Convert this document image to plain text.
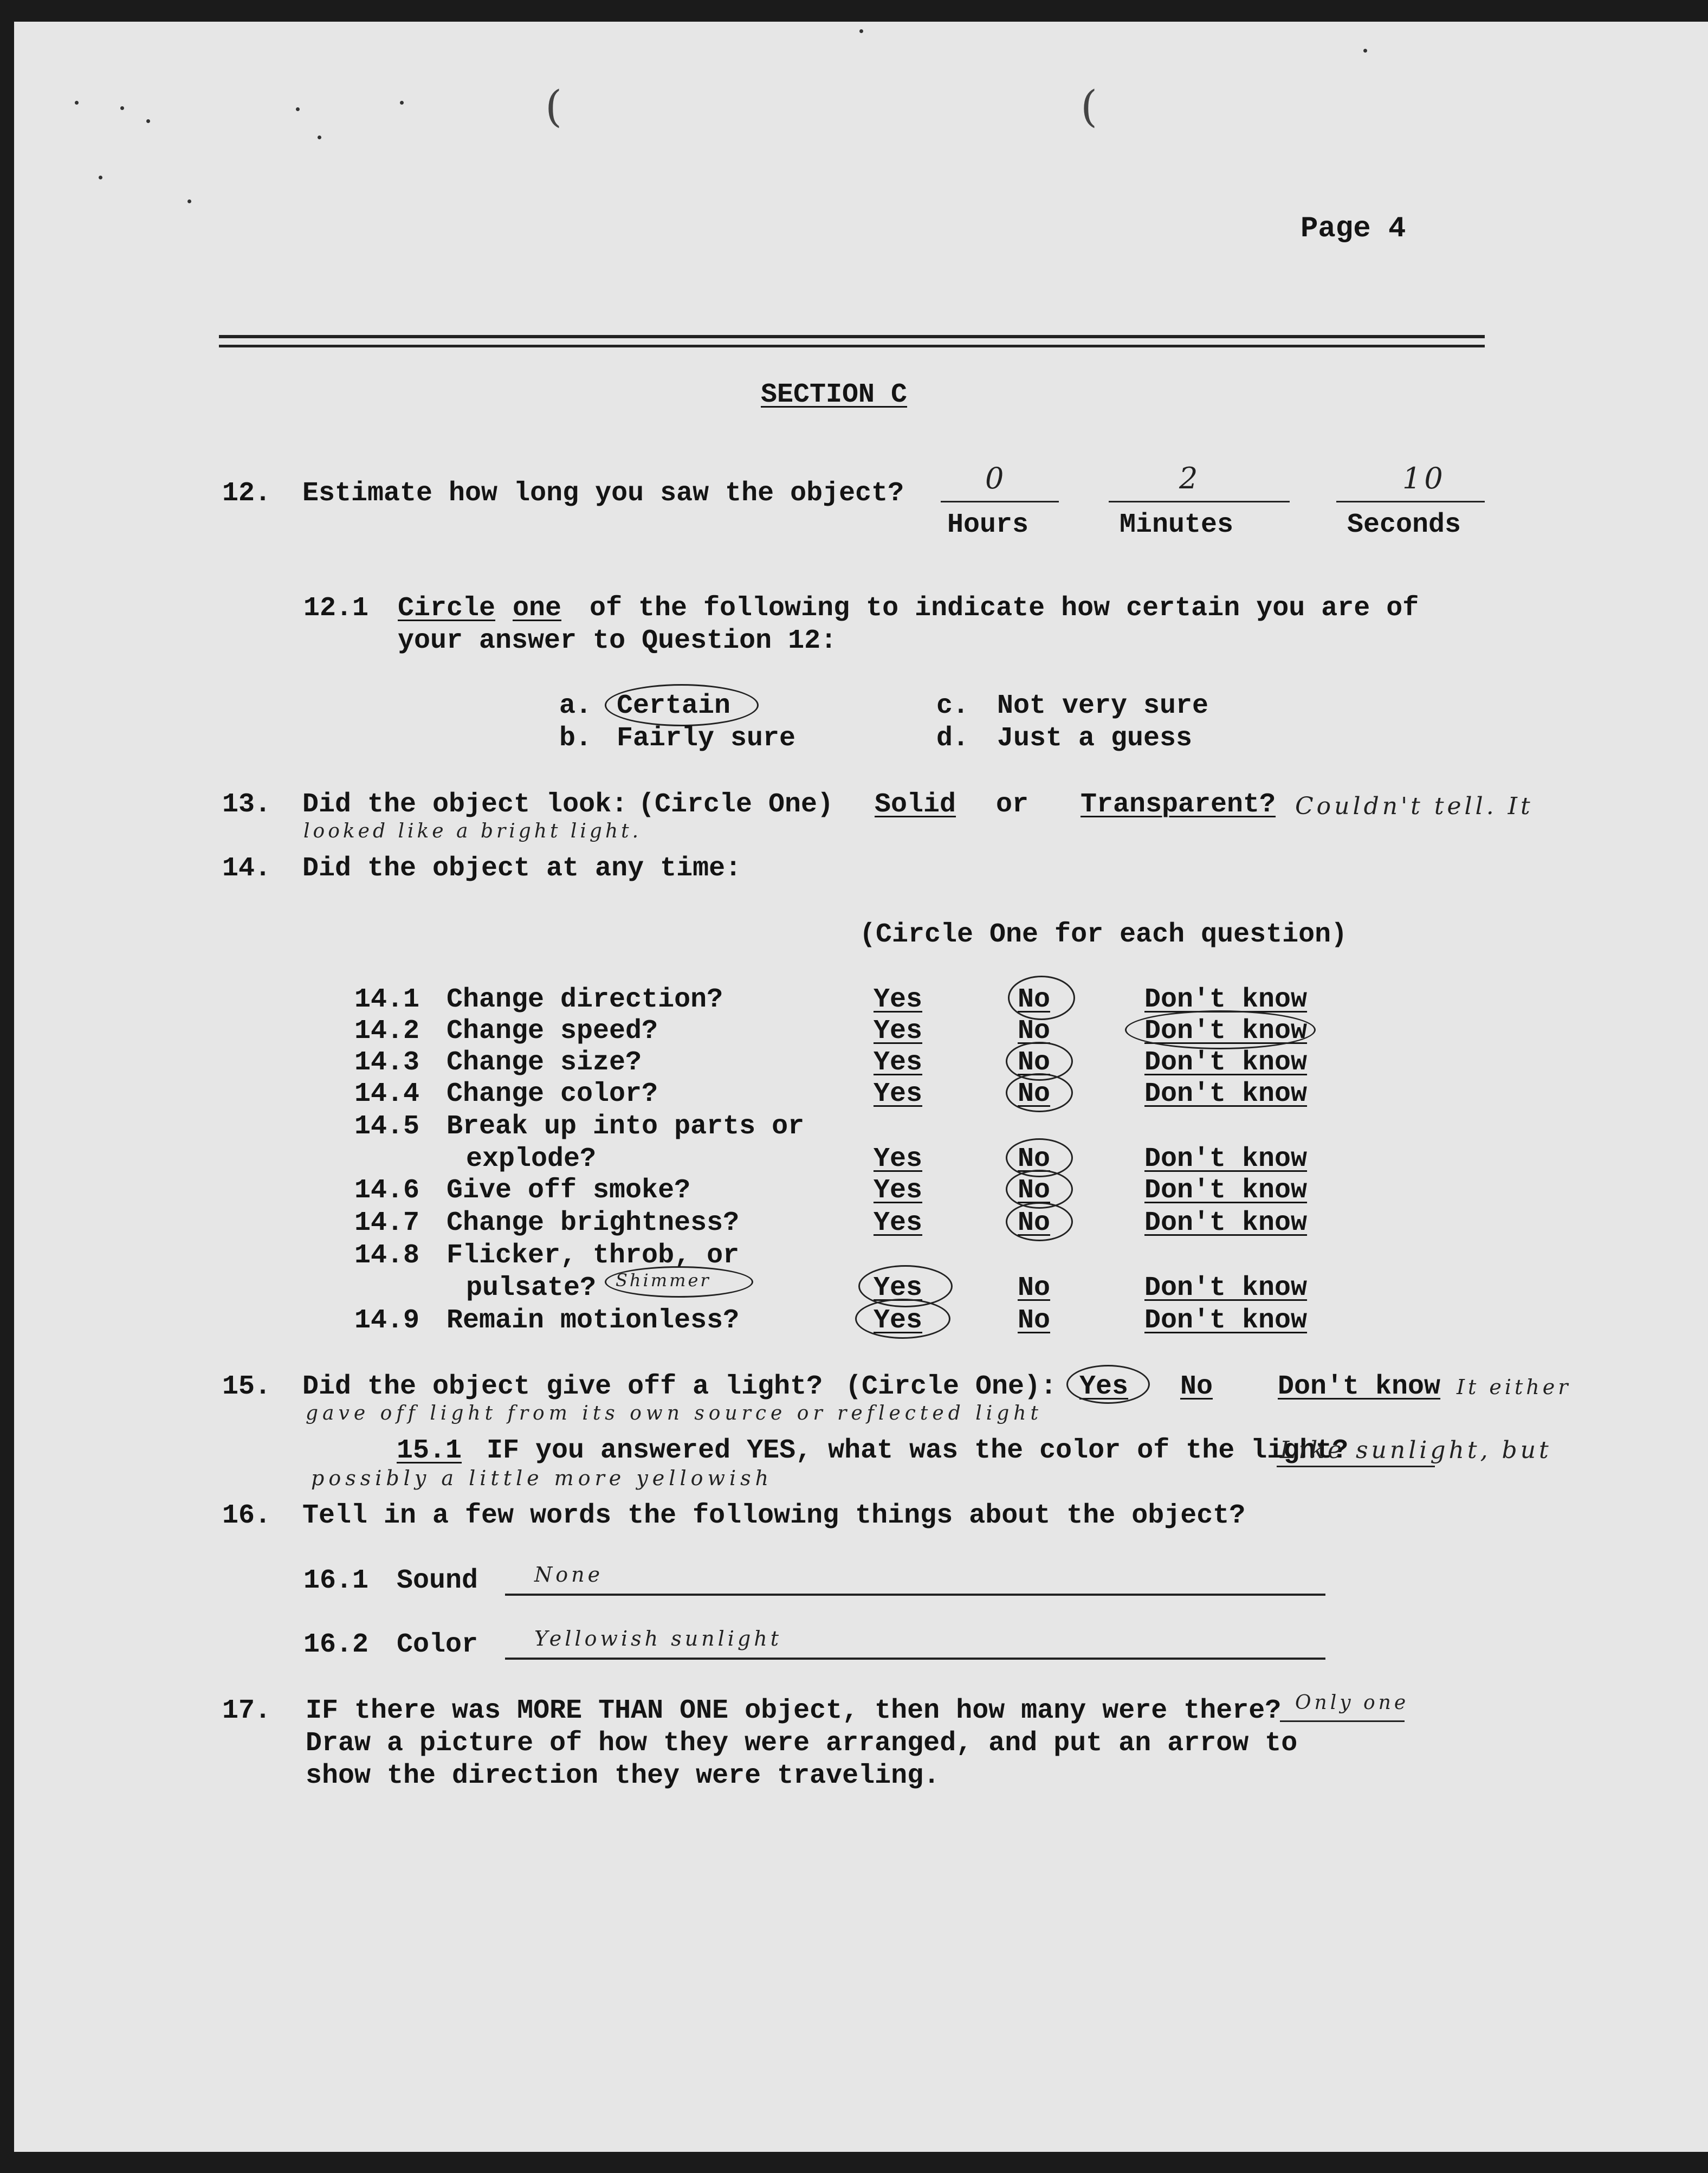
(	(
Page 4
SECTION C
12. Estimate how long you saw the object?	0	2	10
Hours	Minutes	Seconds
12.1 Circle one of the following to indicate how certain you are of
your answer to Question 12:
a. Certain
b. Fairly sure
c. Not very sure
d. Just a guess
13. Did the object look: (Circle One) Solid or Transparent? Couldn't tell. It
looked like a bright light.
14. Did the object at any time:
(Circle One for each question)
14.1 Change direction?	Yes	No	Don't know
14.2 Change speed?	Yes	No	Don't know
14.3 Change size?	Yes	No	Don't know
14.4 Change color?	Yes	No	Don't know
14.5 Break up into parts or
explode?	Yes	No	Don't know
14.6 Give off smoke?	Yes	No	Don't know
14.7 Change brightness?	Yes	No	Don't know
14.8 Flicker, throb, or
pulsate? Shimmer	Yes	No	Don't know
14.9 Remain motionless?	Yes	No	Don't know
15. Did the object give off a light? (Circle One): Yes No Don't know It either
gave off light from its own source or reflected light
15.1 IF you answered YES, what was the color of the light?
Like sunlight, but
possibly a little more yellowish
16. Tell in a few words the following things about the object?
16.1 Sound	None
16.2 Color	Yellowish sunlight
17. IF there was MORE THAN ONE object, then how many were there? Only one
Draw a picture of how they were arranged, and put an arrow to
show the direction they were traveling.
